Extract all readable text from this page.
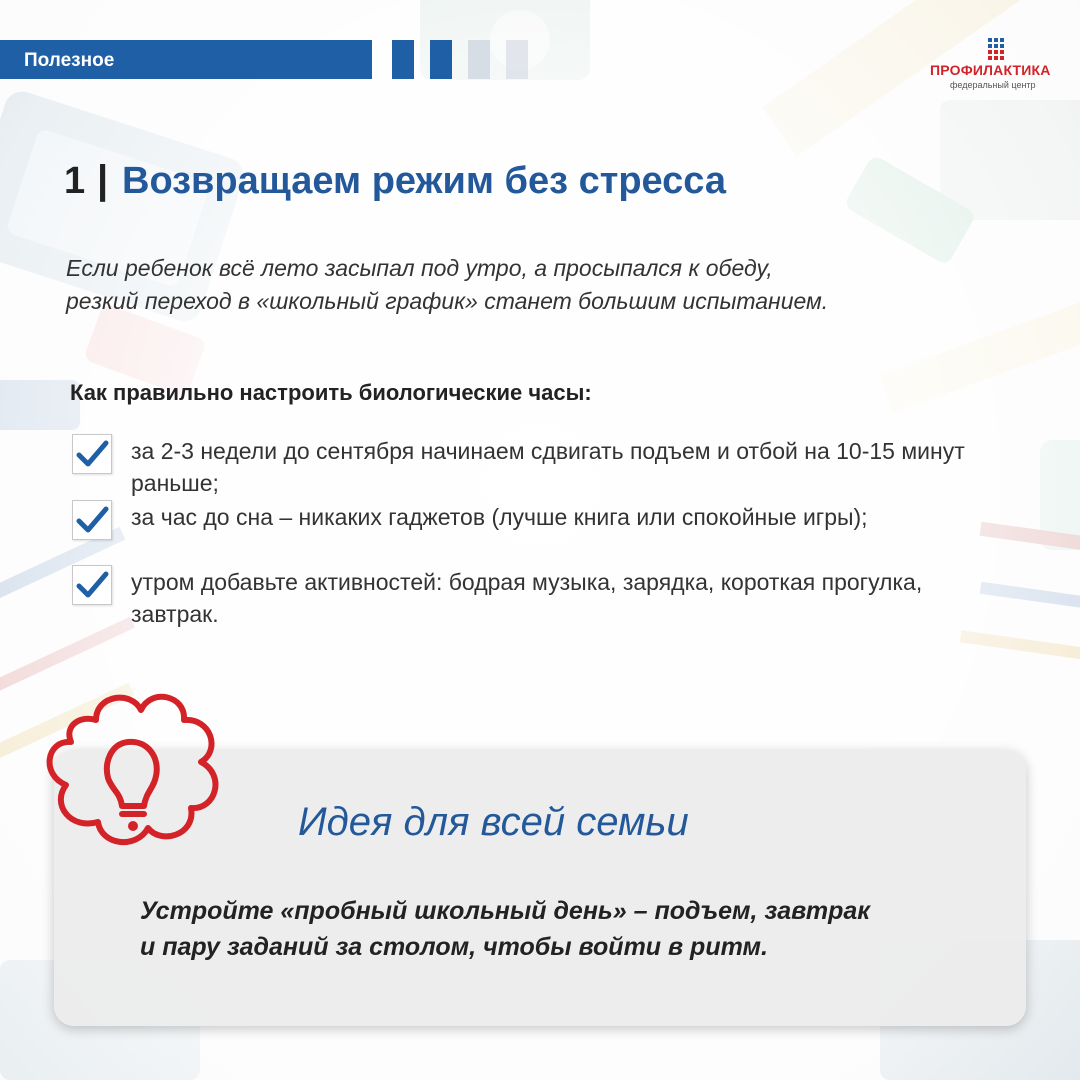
Полезное	ПРОФИЛАКТИКА
федеральный центр
1 | Возвращаем режим без стресса
Если ребенок всё лето засыпал под утро, а просыпался к обеду,
резкий переход в «школьный график» станет большим испытанием.
Как правильно настроить биологические часы:
за 2-3 недели до сентября начинаем сдвигать подъем и отбой на 10-15 минут раньше;
за час до сна – никаких гаджетов (лучше книга или спокойные игры);
утром добавьте активностей: бодрая музыка, зарядка, короткая прогулка, завтрак.
Идея для всей семьи
Устройте «пробный школьный день» – подъем, завтрак
и пару заданий за столом, чтобы войти в ритм.
